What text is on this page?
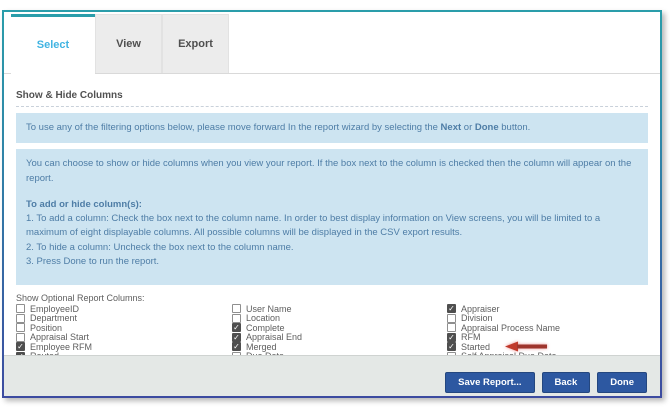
Select	View	Export
Show & Hide Columns
To use any of the filtering options below, please move forward In the report wizard by selecting the Next or Done button.
You can choose to show or hide columns when you view your report. If the box next to the column is checked then the column will appear on the report.
To add or hide column(s):
1. To add a column: Check the box next to the column name. In order to best display information on View screens, you will be limited to a maximum of eight displayable columns. All possible columns will be displayed in the CSV export results.
2. To hide a column: Uncheck the box next to the column name.
3. Press Done to run the report.
Show Optional Report Columns:
EmployeeID
Department
Position
Appraisal Start
✓ Employee RFM
User Name
Location
✓ Complete
✓ Appraisal End
✓ Merged
✓ Appraiser
Division
Appraisal Process Name
✓ RFM
✓ Started
Save Report...	Back	Done
